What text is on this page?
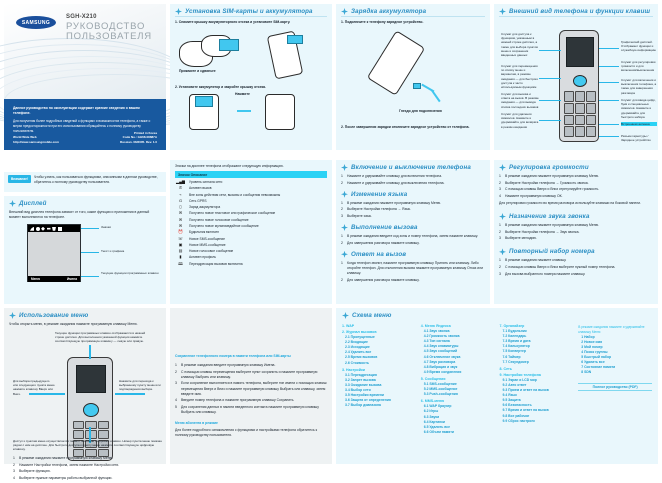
SAMSUNG
SGH-X210
РУКОВОДСТВО
ПОЛЬЗОВАТЕЛЯ
Данное руководство по эксплуатации содержит краткие сведения о вашем телефоне.
Для получения более подробных сведений о функциях и возможностях телефона, а также о мерах предосторожности при его использовании обращайтесь к полному руководству пользователя.
World Wide Web
http://www.samsungmobile.com
Printed in Korea
Code No.: GH68-08887A
Russian. 08/2005. Rev. 1.0
Внимание!	Чтобы узнать, как пользоваться функциями, описанными в данном руководстве, обратитесь к полному руководству пользователя.
Дисплей
Внешний вид дисплея телефона зависит от того, какие функции и приложения в данный момент выполняются на телефоне.
Меню	Имена
Значки
Текст и графика
Текущие функции программных клавиш
Использование меню
Чтобы открыть меню, в режиме ожидания нажмите программную клавишу Меню.
Текущие функции программных клавиш отображаются в нижней строке дисплея. Для выполнения указанной функции нажмите соответствующую программную клавишу — левую или правую.
Для выбора предыдущего или следующего пункта меню нажмите клавишу Вверх или Вниз.
Нажмите для перехода к выбранному пункту меню или подтверждения выбора.
Доступ к пунктам меню осуществляется также с помощью цифровых клавиш. Номер пункта меню показан рядом с ним на дисплее. Для быстрого доступа к пункту меню нажмите соответствующую цифровую клавишу.
1 В режиме ожидания нажмите программную клавишу Меню.
2 Нажмите Настройки телефона, затем нажмите Настройки сети.
3 Выберите функцию.
4 Выберите нужные параметры работы выбранной функции.
Установка SIM-карты и аккумулятора
1. Снимите крышку аккумуляторного отсека и установите SIM-карту.
Прижмите и сдвиньте
2. Установите аккумулятор и закройте крышку отсека.
Нажмите
Значки на дисплее телефона отображают следующую информацию.
Значок Описание
▂▄▆	Уровень сигнала сети
✆	Активен вызов
⌁	Вне зоны действия сети, вызовы и сообщения невозможны
G	Сеть GPRS
▯	Заряд аккумулятора
✉	Получено новое текстовое или графическое сообщение
✉	Получено новое голосовое сообщение
✉	Получено новое мультимедийное сообщение
⏰	Будильник включен
☏	Новое SMS-сообщение
▣	Новое MMS-сообщение
▤	Новое голосовое сообщение
▮	Активен профиль
🕮	Переадресация вызовов включена
Сохранение телефонного номера в памяти телефона или SIM-карты
1 В режиме ожидания введите программную клавишу Имена.
2 С помощью клавиш перемещения выберите пункт сохранить и нажмите программную клавишу Выбрать или клавишу.
3 Если сохранение выполняется в память телефона, выберите тип имени с помощью клавиш перемещения Вверх и Вниз и нажмите программную клавишу Выбрать или клавишу, затем введите имя.
4 Введите номер телефона и нажмите программную клавишу Сохранить.
5 Для сохранения данных в памяти введенного контакта нажмите программную клавишу Выбрать или клавишу.
Меню абонента в режиме
Для более подробного ознакомления с функциями и настройками телефона обратитесь к полному руководству пользователя.
Зарядка аккумулятора
1. Подключите к телефону зарядное устройство.
Гнездо для подключения
2. После завершения зарядки отключите зарядное устройство от телефона.
Включение и выключение телефона
1 Нажмите и удерживайте клавишу для включения телефона.
2 Нажмите и удерживайте клавишу для выключения телефона.
Изменение языка
1 В режиме ожидания нажмите программную клавишу Меню.
2 Выберите Настройки телефона → Язык.
3 Выберите язык.
Выполнение вызова
1 В режиме ожидания введите код зоны и номер телефона, затем нажмите клавишу.
2 Для завершения разговора нажмите клавишу.
Ответ на вызов
1 Когда телефон звонит, нажмите программную клавишу Принять или клавишу. Либо откройте телефон. Для отклонения вызова нажмите программную клавишу Отказ или клавишу.
2 Для завершения разговора нажмите клавишу.
Схема меню
1. WAP
2. Журнал вызовов
2.1 Пропущенные
2.2 Входящие
2.3 Исходящие
2.4 Удалить все
2.5 Время вызовов
2.6 Стоимость
3. Настройки
3.1 Переадресация
3.2 Запрет вызова
3.3 Ожидание вызова
3.4 Выбор сети
3.5 Настройки времени
3.6 Защита от определения
3.7 Выбор диапазона
4. Меню Яндекса
4.1 Звук звонка
4.2 Громкость звонка
4.3 Тип сигнала
4.4 Звук клавиатуры
4.5 Звук сообщений
4.6 Отключение звука
4.7 Звук разговора
4.8 Вибрация и звук
4.9 Время соединения
5. Сообщения
5.1 SMS-сообщение
5.2 MMS-сообщение
5.3 Push-сообщения
6. MMS-меню
6.1 WAP браузер
6.2 Игры
6.3 Звуки
6.4 Картинки
6.5 Удалить все
6.6 Объем памяти
7. Органайзер
7.1 Будильник
7.2 Календарь
7.3 Время и дата
7.4 Калькулятор
7.5 Конвертер
7.6 Таймер
7.7 Секундомер
8. Сеть
9. Настройки телефона
9.1 Экран и LCD мир
9.2 Авто ответ
9.3 Прием и ответ на вызов
9.4 Язык
9.5 Защита
9.6 Безопасность
9.7 Время и ответ на вызов
9.8 Все рабочие
9.9 Сброс настроек
В режиме ожидания нажмите и удерживайте клавишу Меню
1 Набор
2 Новое имя
3 Мой номер
4 Поиск группы
5 Быстрый набор
6 Удалить все
7 Состояние памяти
8 SDN
Полное руководство (PDF)
Внешний вид телефона и функции клавиш
Служат для доступа к функциям, указанным в нижней строке дисплея, а также для выбора пунктов меню и сохранения введенных данных
Служат для перемещения по списку меню и вариантам, в режиме ожидания — для быстрого доступа к часто используемым функциям
Служит для вызова и ответа на вызов. В режиме ожидания — для вывода списка последних вызовов
Служит для удаления символов. Нажмите и удерживайте для возврата в режим ожидания
Графический дисплей. Отображает функции и служебную информацию
Служат для регулировки громкости и для включения/выключения
Служит для включения и выключения телефона, а также для завершения разговора
Служит для ввода цифр, букв и специальных символов. Нажмите и удерживайте для быстрого набора
Встроенная антенна
Разъем гарнитуры / Зарядное устройство
Регулировка громкости
1 В режиме ожидания нажмите программную клавишу Меню.
2 Выберите Настройки телефона → Громкость звонка.
3 С помощью клавиш Вверх и Вниз отрегулируйте громкость.
4 Нажмите программную клавишу ОК.
Для регулировки громкости во время разговора используйте клавиши на боковой панели.
Назначение звука звонка
1 В режиме ожидания нажмите программную клавишу Меню.
2 Выберите Настройки телефона → Звук звонка.
3 Выберите мелодию.
Повторный набор номера
1 В режиме ожидания нажмите клавишу.
2 С помощью клавиш Вверх и Вниз выберите нужный номер телефона.
3 Для вызова выбранного номера нажмите клавишу.
